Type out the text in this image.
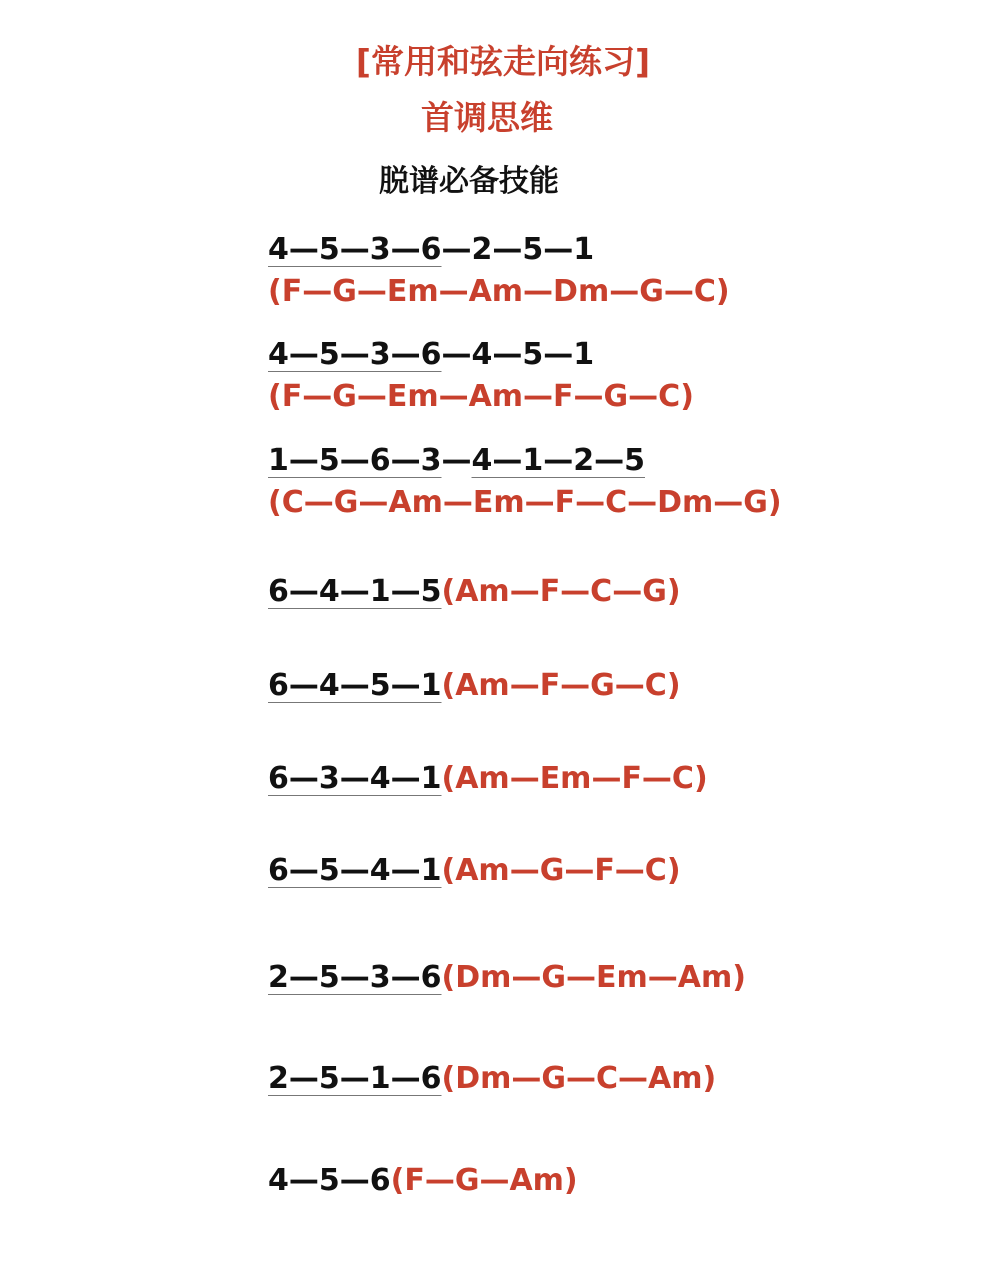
[常用和弦走向练习]
首调思维
脱谱必备技能
4—5—3—6—2—5—1
(F—G—Em—Am—Dm—G—C)
4—5—3—6—4—5—1
(F—G—Em—Am—F—G—C)
1—5—6—3—4—1—2—5
(C—G—Am—Em—F—C—Dm—G)
6—4—1—5(Am—F—C—G)
6—4—5—1(Am—F—G—C)
6—3—4—1(Am—Em—F—C)
6—5—4—1(Am—G—F—C)
2—5—3—6(Dm—G—Em—Am)
2—5—1—6(Dm—G—C—Am)
4—5—6(F—G—Am)
